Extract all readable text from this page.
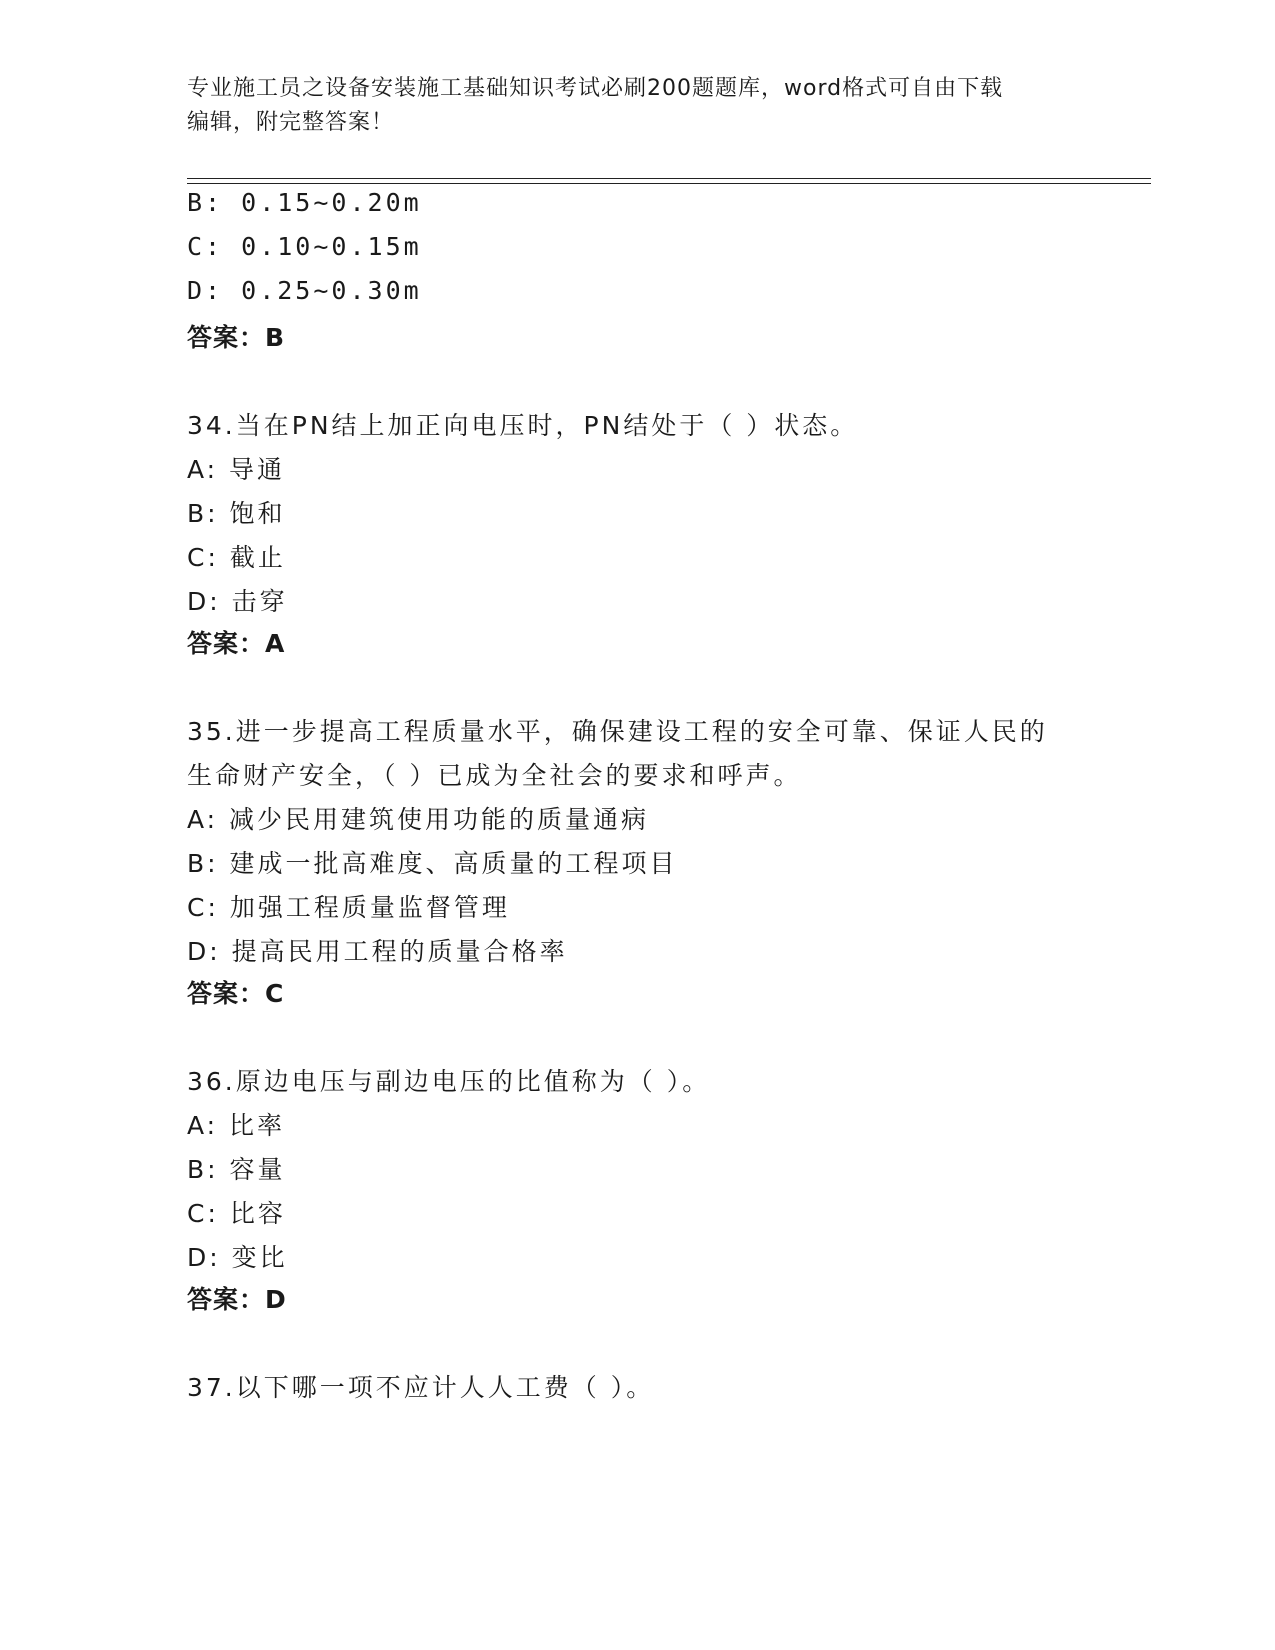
专业施工员之设备安装施工基础知识考试必刷200题题库，word格式可自由下载
编辑，附完整答案！
B: 0.15~0.20m
C: 0.10~0.15m
D: 0.25~0.30m
答案：B
34.当在PN结上加正向电压时，PN结处于（ ）状态。
A: 导通
B: 饱和
C: 截止
D: 击穿
答案：A
35.进一步提高工程质量水平，确保建设工程的安全可靠、保证人民的
生命财产安全，（ ）已成为全社会的要求和呼声。
A: 减少民用建筑使用功能的质量通病
B: 建成一批高难度、高质量的工程项目
C: 加强工程质量监督管理
D: 提高民用工程的质量合格率
答案：C
36.原边电压与副边电压的比值称为（ ）。
A: 比率
B: 容量
C: 比容
D: 变比
答案：D
37.以下哪一项不应计人人工费（ ）。
